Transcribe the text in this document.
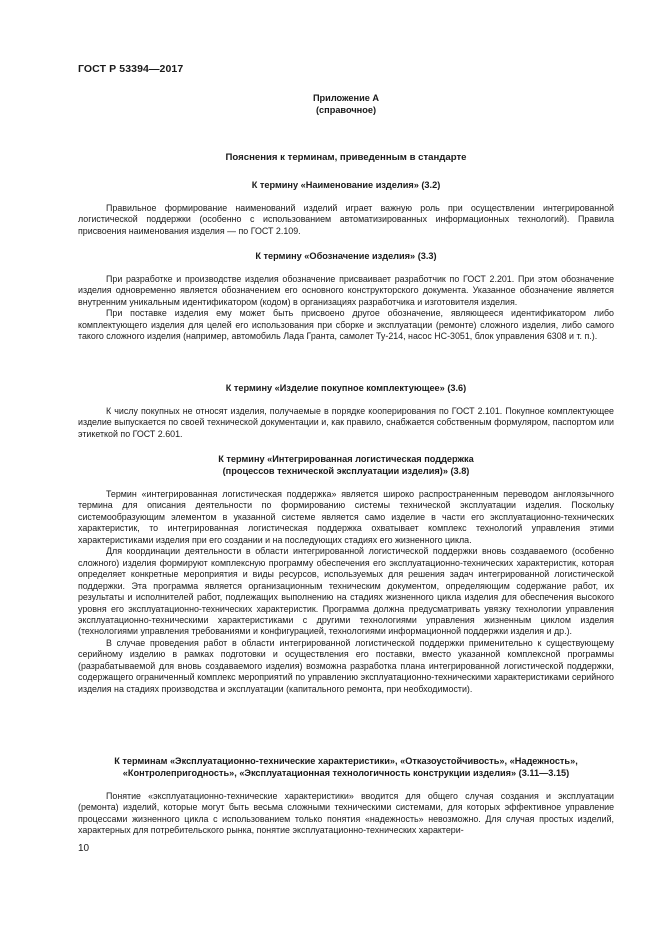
ГОСТ Р 53394—2017
Приложение А
(справочное)
Пояснения к терминам, приведенным в стандарте
К термину «Наименование изделия» (3.2)

Правильное формирование наименований изделий играет важную роль при осуществлении интегрированной логистической поддержки (особенно с использованием автоматизированных информационных технологий). Правила присвоения наименования изделия — по ГОСТ 2.109.

К термину «Обозначение изделия» (3.3)

При разработке и производстве изделия обозначение присваивает разработчик по ГОСТ 2.201. При этом обозначение изделия одновременно является обозначением его основного конструкторского документа. Указанное обозначение является внутренним уникальным идентификатором (кодом) в организациях разработчика и изготовителя изделия.

При поставке изделия ему может быть присвоено другое обозначение, являющееся идентификатором либо комплектующего изделия для целей его использования при сборке и эксплуатации (ремонте) сложного изделия, либо самого такого сложного изделия (например, автомобиль Лада Гранта, самолет Ту-214, насос НС-3051, блок управления 6308 и т. п.).

К термину «Изделие покупное комплектующее» (3.6)

К числу покупных не относят изделия, получаемые в порядке кооперирования по ГОСТ 2.101. Покупное комплектующее изделие выпускается по своей технической документации и, как правило, снабжается собственным формуляром, паспортом или этикеткой по ГОСТ 2.601.

К термину «Интегрированная логистическая поддержка
(процессов технической эксплуатации изделия)» (3.8)

Термин «интегрированная логистическая поддержка» является широко распространенным переводом англоязычного термина для описания деятельности по формированию системы технической эксплуатации изделия. Поскольку системообразующим элементом в указанной системе является само изделие в части его эксплуатационно-технических характеристик, то интегрированная логистическая поддержка охватывает комплекс технологий управления этими характеристиками изделия при его создании и на последующих стадиях его жизненного цикла.

Для координации деятельности в области интегрированной логистической поддержки вновь создаваемого (особенно сложного) изделия формируют комплексную программу обеспечения его эксплуатационно-технических характеристик, которая определяет конкретные мероприятия и виды ресурсов, используемых для решения задач интегрированной логистической поддержки. Эта программа является организационным техническим документом, определяющим содержание работ, их результаты и исполнителей работ, подлежащих выполнению на стадиях жизненного цикла изделия для обеспечения высокого уровня его эксплуатационно-технических характеристик. Программа должна предусматривать увязку технологии управления эксплуатационно-техническими характеристиками с другими технологиями управления жизненным циклом изделия (технологиями управления требованиями и конфигурацией, технологиями информационной поддержки изделия и др.).

В случае проведения работ в области интегрированной логистической поддержки применительно к существующему серийному изделию в рамках подготовки и осуществления его поставки, вместо указанной комплексной программы (разрабатываемой для вновь создаваемого изделия) возможна разработка плана интегрированной логистической поддержки, содержащего ограниченный комплекс мероприятий по управлению эксплуатационно-техническими характеристиками серийного изделия на стадиях производства и эксплуатации (капитального ремонта, при необходимости).

К терминам «Эксплуатационно-технические характеристики», «Отказоустойчивость», «Надежность»,
«Контролепригодность», «Эксплуатационная технологичность конструкции изделия» (3.11—3.15)

Понятие «эксплуатационно-технические характеристики» вводится для общего случая создания и эксплуатации (ремонта) изделий, которые могут быть весьма сложными техническими системами, для которых эффективное управление процессами жизненного цикла с использованием только понятия «надежность» невозможно. Для случая простых изделий, характерных для потребительского рынка, понятие эксплуатационно-технических характери-

10
